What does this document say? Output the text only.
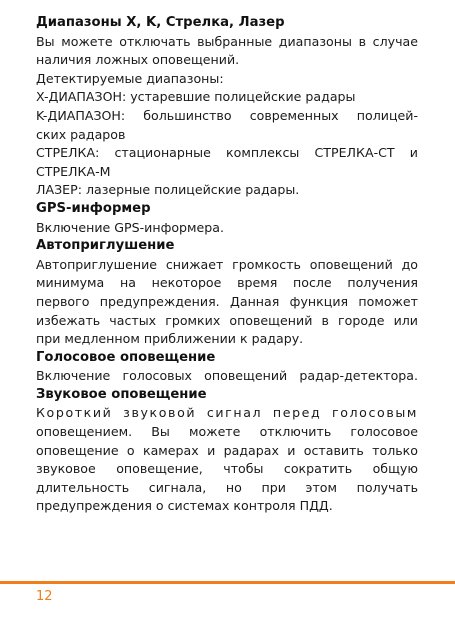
Диапазоны X, K, Стрелка, Лазер
Вы можете отключать выбранные диапазоны в случае
наличия ложных оповещений.
Детектируемые диапазоны:
X-ДИАПАЗОН: устаревшие полицейские радары
K-ДИАПАЗОН: большинство современных полицей-
ских радаров
СТРЕЛКА: стационарные комплексы СТРЕЛКА-СТ и
СТРЕЛКА-М
ЛАЗЕР: лазерные полицейские радары.
GPS-информер
Включение GPS-информера.
Автоприглушение
Автоприглушение снижает громкость оповещений до
минимума на некоторое время после получения
первого предупреждения. Данная функция поможет
избежать частых громких оповещений в городе или
при медленном приближении к радару.
Голосовое оповещение
Включение голосовых оповещений радар-детектора.
Звуковое оповещение
Короткий звуковой сигнал перед голосовым
оповещением. Вы можете отключить голосовое
оповещение о камерах и радарах и оставить только
звуковое оповещение, чтобы сократить общую
длительность сигнала, но при этом получать
предупреждения о системах контроля ПДД.
12
